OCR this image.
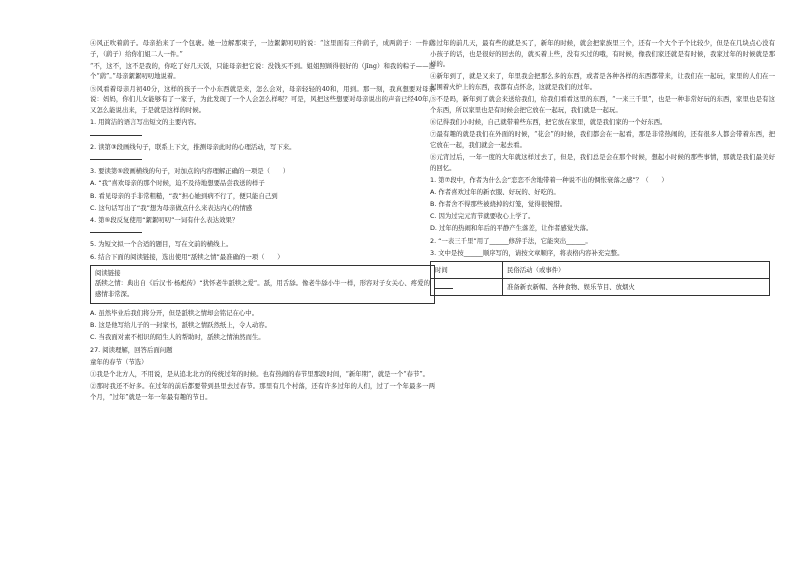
④风正吹着鹞子。母亲抬来了一个包裹。她一边解那束子，一边絮絮叨叨的说：“这里面有三件鹞子，成两鹞子：一件鹞子，（鹞子）给你们姐二人一件。”

“不，这不，这不是我的，你吃了好几天饭，只能母亲把它说：没钱买不到。姐姐照顾得很好的（jīng）和我的粽子——这个“鹞”。”母亲絮絮叨叨地说着。

⑤风看着母亲月初40分，这样的孩子一个小东西就是来，怎么会对，母亲轻轻的40和，用到。那一刻，我真想要对母亲说：妈妈，你们儿女能够有了一家子，为此发现了一个人会怎么样呢？可是，风把这些想要对母亲说出的声音已经40年，又怎么能说出来，于是就是这样的时候。

1. 用简洁的语言写出短文的主要内容。

2. 读第③段画线句子，联系上下文，推测母亲此时的心理活动，写下来。

3. 要读第⑤段画横线的句子，对加点的内容理解正确的一项是（　　）

A. “我”喜欢母亲的那个时候，迫不及待地想要品尝我送的样子

B. 看见母亲的手非常粗糙，“我”担心她到病不行了，便只能自己到

C. 这句话写出了“我”想为母亲做点什么来表达内心的情感

4. 第⑤段反复使用“絮絮叨叨”一词有什么表达效果？

5. 为短文拟一个合适的题目，写在文前的横线上。

6. 结合下面的阅读链接，选出使用“舐犊之情”最准确的一项（　　）

阅读链接

舐犊之情：典出自《后汉书·杨彪传》“犹怀老牛舐犊之爱”。舐，用舌舔。像老牛舔小牛一样，形容对子女关心、疼爱的感情非常深。

A. 虽然毕业后我们将分开，但是舐犊之情却会铭记在心中。

B. 这是他写给儿子的一封家书，舐犊之情跃然纸上，令人动容。

C. 当我面对素不相识的陌生人的帮助时，舐犊之情油然而生。

27. 阅读理解，回答后面问题

童年的春节（节选）

①我是个北方人，不用说，是从追北北方的传统过年的时候。也有热闹的春节里那段时间，“新年期”，就是一个“春节”。

②那时我还不好多。在过年的前后都要带到县里去过春节。那里有几个村落，还有许多过年的人们，过了一个年最多一两个月，“过年”就是一年一年最有趣的节日。

③过年的前几天，最有些的就是买了，新年的时候，就会把家族里三个，还有一个大个子个比较少，但是在几块点心没有小孩子的话，也是很好的回去的，就买着上些，没有买过的哦，有时候，像我们家还就是有时候，我家过年的时候就是那样的。

④新年到了，就是又来了，年里我会把那么多的东西，或者是各种各样的东西都带来，让我们在一起玩，家里的人们在一起围着火炉上的东西，我都有点怀念，这就是我们的过年。

⑤不是吗，新年到了就会来送给我们，给我们看看这里的东西，“一来三千里”，也是一种非常好玩的东西，家里也是有这个东西，所以家里也是有时候会把它放在一起玩，我们就是一起玩。

⑥记得我们小时候，自己就带着些东西，把它放在家里，就是我们家的一个好东西。

⑦最有趣的就是我们在外面的时候，“花会”的时候，我们都会在一起看，那是非常热闹的，还有很多人都会带着东西，把它放在一起，我们就会一起去看。

⑧元宵过后，一年一度的大年就这样过去了，但是，我们总是会在那个时候，想起小时候的那些事情，那就是我们最美好的回忆。

1. 第⑦段中，作者为什么会“恋恋不舍地带着一种说不出的惆怅衰落之感”？（　　）

A. 作者喜欢过年的新衣服、好玩的、好吃的。

B. 作者舍不得那些被烧掉的灯笼，觉得很惋惜。

C. 因为过完元宵节就要收心上学了。

D. 过年的热闹和年后的平静产生落差，让作者感觉失落。

2. “一表三千里”用了______修辞手法，它能突出______。

3. 文中是按______顺序写的，请按文章顺序，将表格内容补充完整。

时间	民俗活动（或事件）
	准备新衣新帽、各种食物、娱乐节目、放烟火
